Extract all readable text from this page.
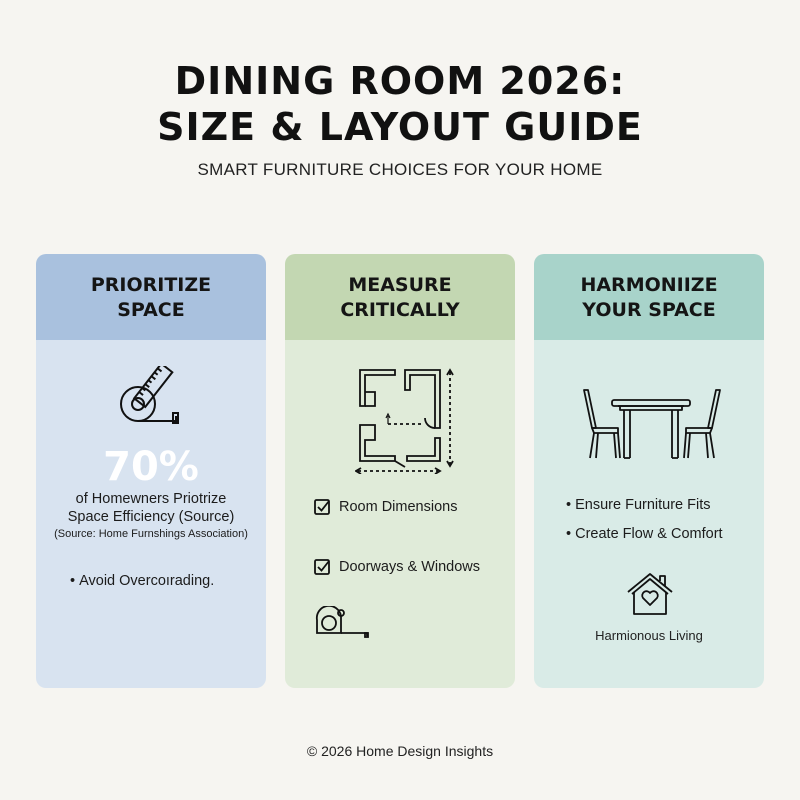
DINING ROOM 2026:
SIZE & LAYOUT GUIDE
SMART FURNITURE CHOICES FOR YOUR HOME
PRIORITIZE
SPACE
70%
of Homewners Priotrize
Space Efficiency (Source)
(Source: Home Furnshings Association)
• Avoid Overcoırading.
MEASURE
CRITICALLY
Room Dimensions
Doorways & Windows
HARMONIIZE
YOUR SPACE
• Ensure Furniture Fits
• Create Flow & Comfort
Harmionous Living
© 2026 Home Design Insights
